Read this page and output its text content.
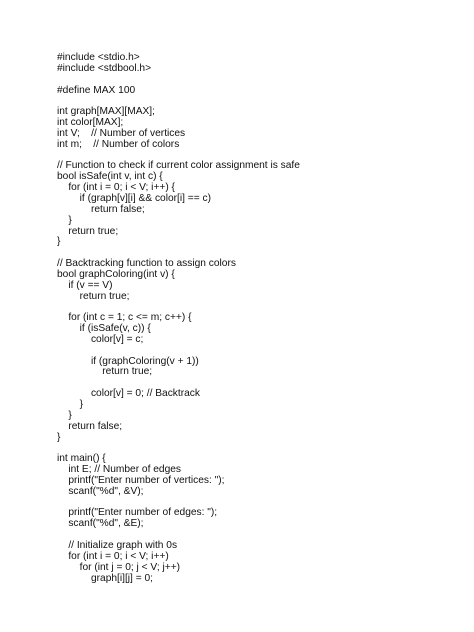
#include <stdio.h>
#include <stdbool.h>
#define MAX 100
int graph[MAX][MAX];
int color[MAX];
int V;    // Number of vertices
int m;    // Number of colors
// Function to check if current color assignment is safe
bool isSafe(int v, int c) {
for (int i = 0; i < V; i++) {
if (graph[v][i] && color[i] == c)
return false;
}
return true;
}
// Backtracking function to assign colors
bool graphColoring(int v) {
if (v == V)
return true;
for (int c = 1; c <= m; c++) {
if (isSafe(v, c)) {
color[v] = c;
if (graphColoring(v + 1))
return true;
color[v] = 0; // Backtrack
}
}
return false;
}
int main() {
int E; // Number of edges
printf("Enter number of vertices: ");
scanf("%d", &V);
printf("Enter number of edges: ");
scanf("%d", &E);
// Initialize graph with 0s
for (int i = 0; i < V; i++)
for (int j = 0; j < V; j++)
graph[i][j] = 0;
